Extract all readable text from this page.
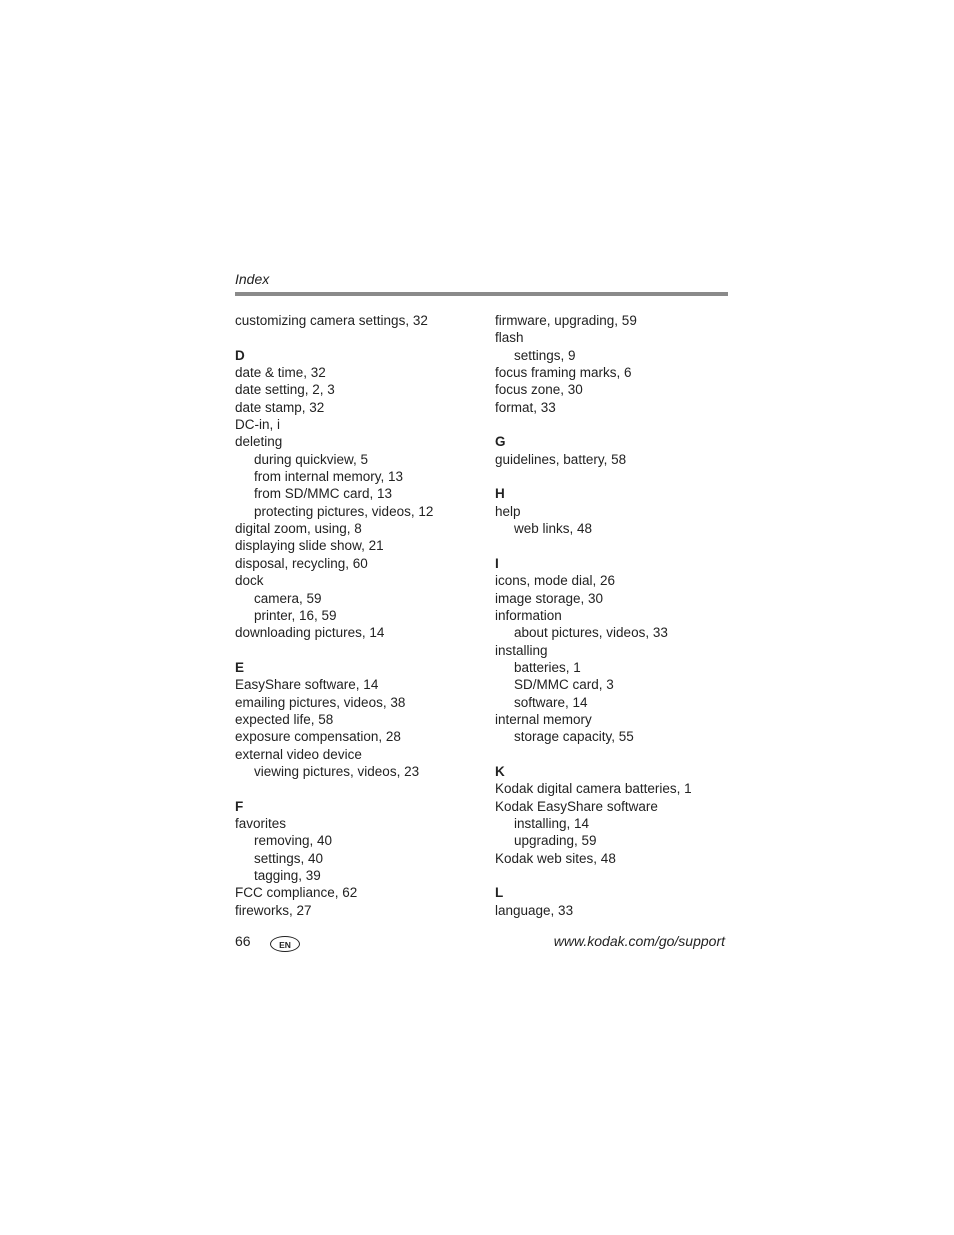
Index
customizing camera settings, 32
D
date & time, 32
date setting, 2, 3
date stamp, 32
DC-in, i
deleting
during quickview, 5
from internal memory, 13
from SD/MMC card, 13
protecting pictures, videos, 12
digital zoom, using, 8
displaying slide show, 21
disposal, recycling, 60
dock
camera, 59
printer, 16, 59
downloading pictures, 14
E
EasyShare software, 14
emailing pictures, videos, 38
expected life, 58
exposure compensation, 28
external video device
viewing pictures, videos, 23
F
favorites
removing, 40
settings, 40
tagging, 39
FCC compliance, 62
fireworks, 27
firmware, upgrading, 59
flash
settings, 9
focus framing marks, 6
focus zone, 30
format, 33
G
guidelines, battery, 58
H
help
web links, 48
I
icons, mode dial, 26
image storage, 30
information
about pictures, videos, 33
installing
batteries, 1
SD/MMC card, 3
software, 14
internal memory
storage capacity, 55
K
Kodak digital camera batteries, 1
Kodak EasyShare software
installing, 14
upgrading, 59
Kodak web sites, 48
L
language, 33
66	EN	www.kodak.com/go/support
